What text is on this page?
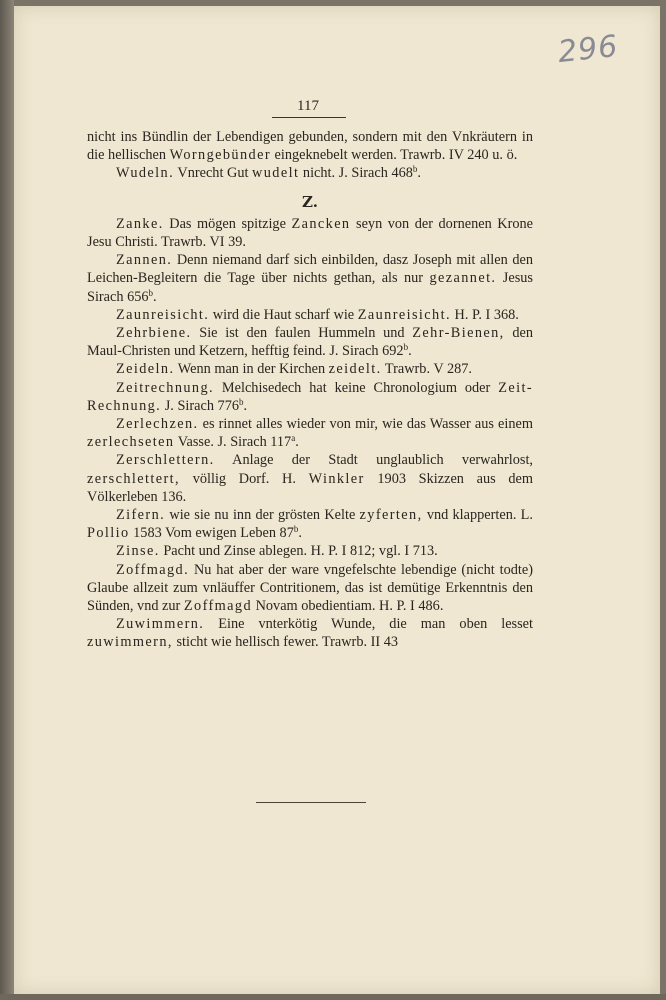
296
117

nicht ins Bündlin der Lebendigen gebunden, sondern mit den Vnkräutern in die hellischen Worngebünder eingeknebelt werden. Trawrb. IV 240 u. ö.

Wudeln. Vnrecht Gut wudelt nicht. J. Sirach 468$^b$.

Z.

Zanke. Das mögen spitzige Zancken seyn von der dornenen Krone Jesu Christi. Trawrb. VI 39.

Zannen. Denn niemand darf sich einbilden, dasz Joseph mit allen den Leichen-Begleitern die Tage über nichts gethan, als nur gezannet. Jesus Sirach 656$^b$.

Zaunreisicht. wird die Haut scharf wie Zaunreisicht. H. P. I 368.

Zehrbiene. Sie ist den faulen Hummeln und Zehr-Bienen, den Maul-Christen und Ketzern, hefftig feind. J. Sirach 692$^b$.

Zeideln. Wenn man in der Kirchen zeidelt. Trawrb. V 287.

Zeitrechnung. Melchisedech hat keine Chronologium oder Zeit-Rechnung. J. Sirach 776$^b$.

Zerlechzen. es rinnet alles wieder von mir, wie das Wasser aus einem zerlechseten Vasse. J. Sirach 117$^a$.

Zerschlettern. Anlage der Stadt unglaublich verwahrlost, zerschlettert, völlig Dorf. H. Winkler 1903 Skizzen aus dem Völkerleben 136.

Zifern. wie sie nu inn der grösten Kelte zyferten, vnd klapperten. L. Pollio 1583 Vom ewigen Leben 87$^b$.

Zinse. Pacht und Zinse ablegen. H. P. I 812; vgl. I 713.

Zoffmagd. Nu hat aber der ware vngefelschte lebendige (nicht todte) Glaube allzeit zum vnläuffer Contritionem, das ist demütige Erkenntnis den Sünden, vnd zur Zoffmagd Novam obedientiam. H. P. I 486.

Zuwimmern. Eine vnterkötig Wunde, die man oben lesset zuwimmern, sticht wie hellisch fewer. Trawrb. II 43
